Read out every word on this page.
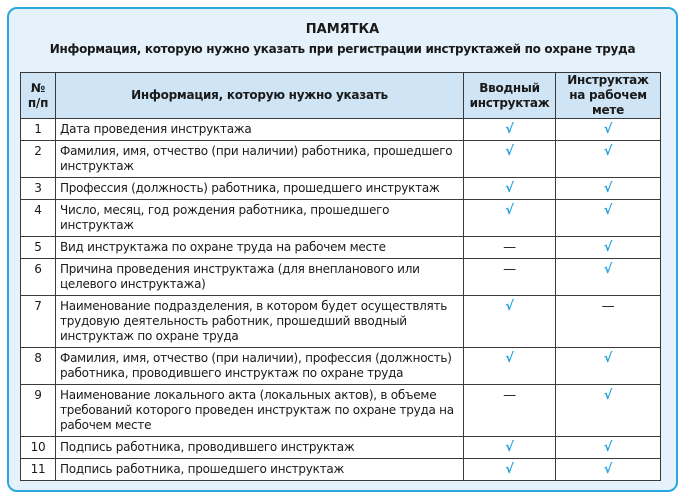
ПАМЯТКА
Информация, которую нужно указать при регистрации инструктажей по охране труда
№ п/п	Информация, которую нужно указать	Вводный инструктаж	Инструктаж на рабочем мете
1	Дата проведения инструктажа	√	√
2	Фамилия, имя, отчество (при наличии) работника, прошедшего инструктаж	√	√
3	Профессия (должность) работника, прошедшего инструктаж	√	√
4	Число, месяц, год рождения работника, прошедшего инструктаж	√	√
5	Вид инструктажа по охране труда на рабочем месте	—	√
6	Причина проведения инструктажа (для внепланового или целевого инструктажа)	—	√
7	Наименование подразделения, в котором будет осуществлять трудовую деятельность работник, прошедший вводный инструктаж по охране труда	√	—
8	Фамилия, имя, отчество (при наличии), профессия (должность) работника, проводившего инструктаж по охране труда	√	√
9	Наименование локального акта (локальных актов), в объеме требований которого проведен инструктаж по охране труда на рабочем месте	—	√
10	Подпись работника, проводившего инструктаж	√	√
11	Подпись работника, прошедшего инструктаж	√	√
